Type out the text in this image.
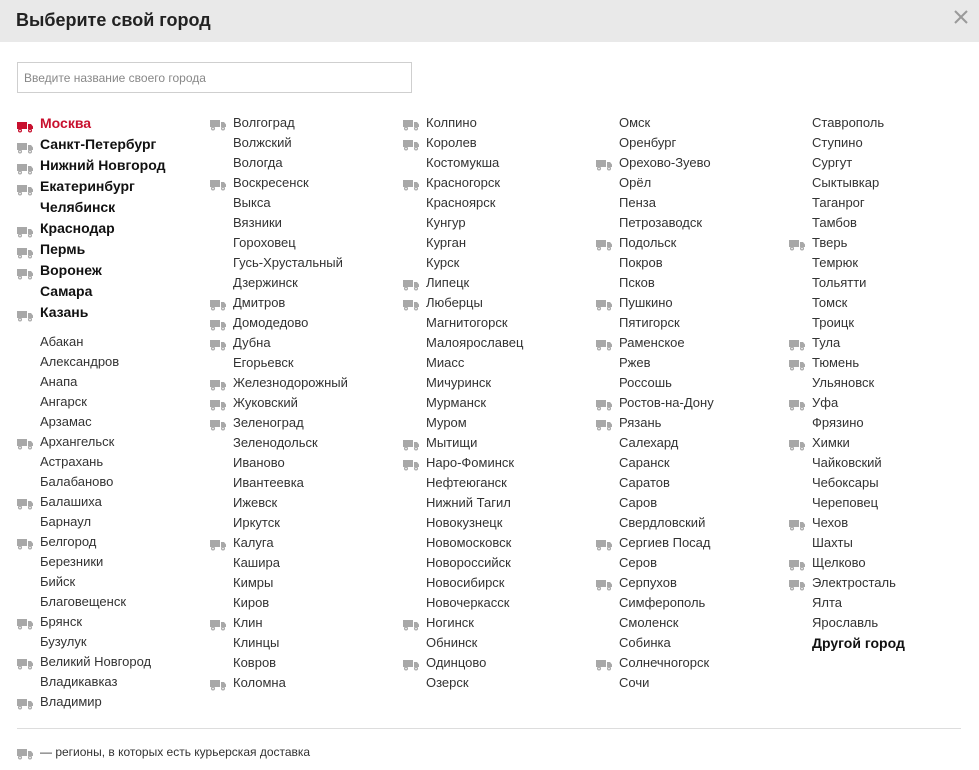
Выберите свой город
Введите название своего города
Москва
Санкт-Петербург
Нижний Новгород
Екатеринбург
Челябинск
Краснодар
Пермь
Воронеж
Самара
Казань
Абакан
Александров
Анапа
Ангарск
Арзамас
Архангельск
Астрахань
Балабаново
Балашиха
Барнаул
Белгород
Березники
Бийск
Благовещенск
Брянск
Бузулук
Великий Новгород
Владикавказ
Владимир
Волгоград
Волжский
Вологда
Воскресенск
Выкса
Вязники
Гороховец
Гусь-Хрустальный
Дзержинск
Дмитров
Домодедово
Дубна
Егорьевск
Железнодорожный
Жуковский
Зеленоград
Зеленодольск
Иваново
Ивантеевка
Ижевск
Иркутск
Калуга
Кашира
Кимры
Киров
Клин
Клинцы
Ковров
Коломна
Колпино
Королев
Костомукша
Красногорск
Красноярск
Кунгур
Курган
Курск
Липецк
Люберцы
Магнитогорск
Малоярославец
Миасс
Мичуринск
Мурманск
Муром
Мытищи
Наро-Фоминск
Нефтеюганск
Нижний Тагил
Новокузнецк
Новомосковск
Новороссийск
Новосибирск
Новочеркасск
Ногинск
Обнинск
Одинцово
Озерск
Омск
Оренбург
Орехово-Зуево
Орёл
Пенза
Петрозаводск
Подольск
Покров
Псков
Пушкино
Пятигорск
Раменское
Ржев
Россошь
Ростов-на-Дону
Рязань
Салехард
Саранск
Саратов
Саров
Свердловский
Сергиев Посад
Серов
Серпухов
Симферополь
Смоленск
Собинка
Солнечногорск
Сочи
Ставрополь
Ступино
Сургут
Сыктывкар
Таганрог
Тамбов
Тверь
Темрюк
Тольятти
Томск
Троицк
Тула
Тюмень
Ульяновск
Уфа
Фрязино
Химки
Чайковский
Чебоксары
Череповец
Чехов
Шахты
Щелково
Электросталь
Ялта
Ярославль
Другой город
— регионы, в которых есть курьерская доставка
